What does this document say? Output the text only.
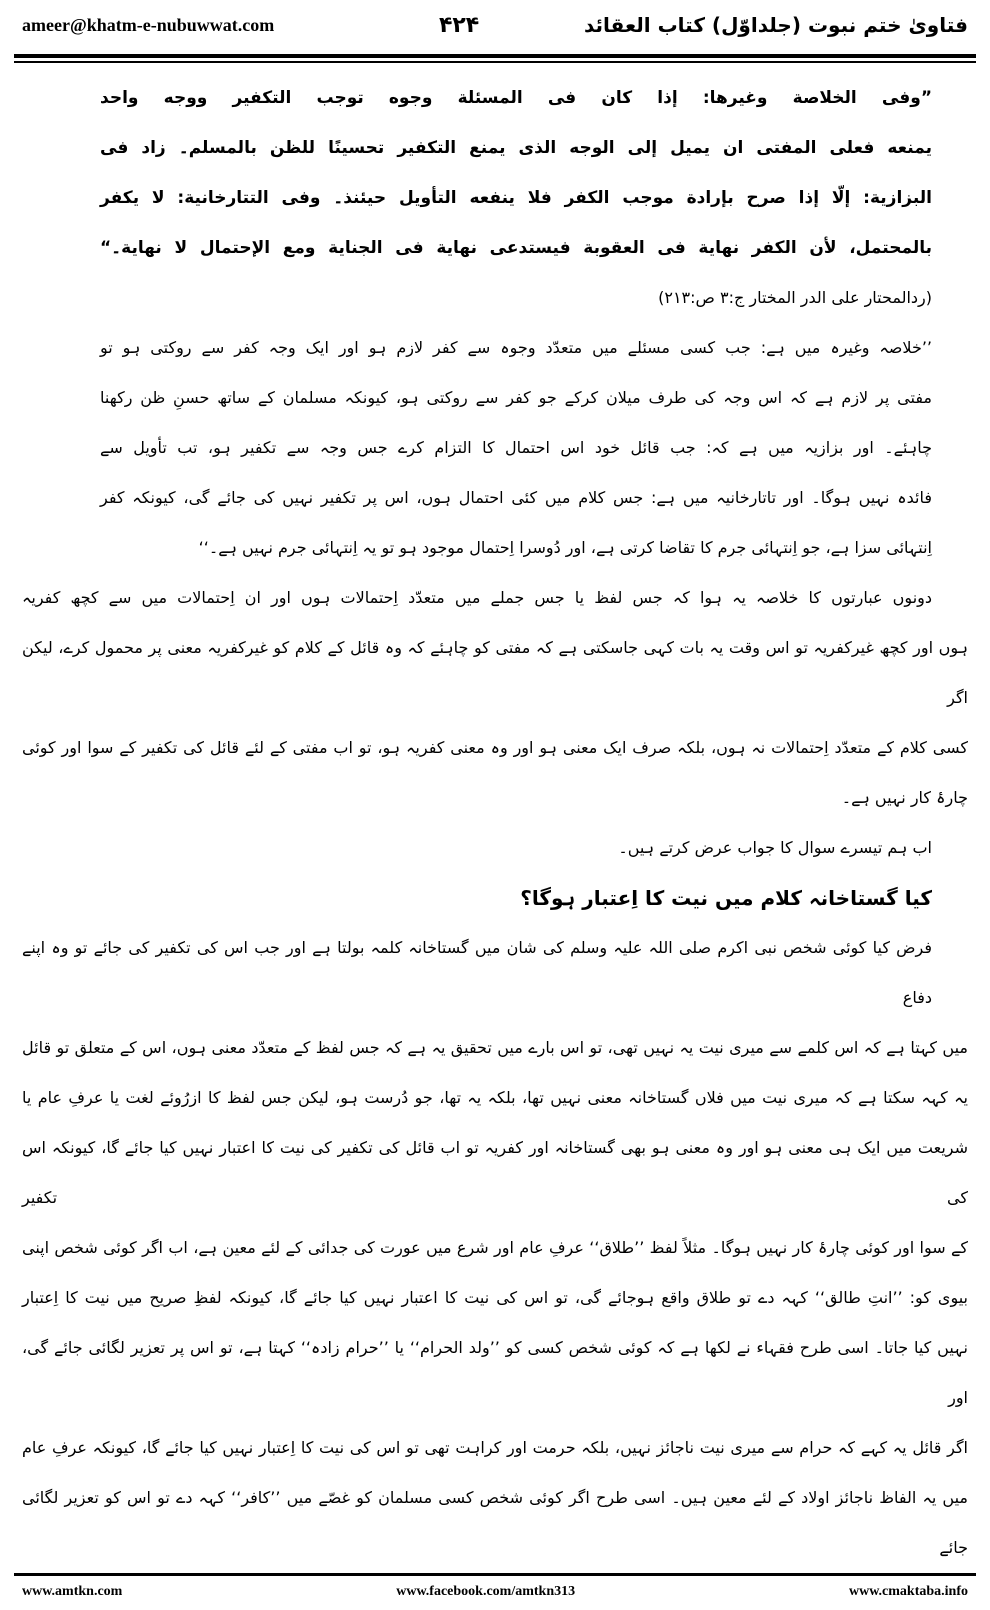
ameer@khatm-e-nubuwwat.com	۴۲۴	فتاویٰ ختم نبوت (جلداوّل) کتاب العقائد
”وفی الخلاصة وغیرها: إذا کان فی المسئلة وجوه توجب التکفیر ووجه واحد
یمنعه فعلی المفتی ان یمیل إلی الوجه الذی یمنع التکفیر تحسینًا للظن بالمسلم۔ زاد فی
البزازیة: إلّا إذا صرح بإرادة موجب الکفر فلا ینفعه التأویل حیئنذ۔ وفی التتارخانیة: لا یکفر
بالمحتمل، لأن الکفر نهایة فی العقوبة فیستدعی نهایة فی الجنایة ومع الإحتمال لا نهایة۔“
(ردالمحتار علی الدر المختار ج:۳ ص:۲۱۳)
’’خلاصہ وغیرہ میں ہے: جب کسی مسئلے میں متعدّد وجوہ سے کفر لازم ہو اور ایک وجہ کفر سے روکتی ہو تو
مفتی پر لازم ہے کہ اس وجہ کی طرف میلان کرکے جو کفر سے روکتی ہو، کیونکہ مسلمان کے ساتھ حسنِ ظن رکھنا
چاہئے۔ اور بزازیہ میں ہے کہ: جب قائل خود اس احتمال کا التزام کرے جس وجہ سے تکفیر ہو، تب تأویل سے
فائدہ نہیں ہوگا۔ اور تاتارخانیہ میں ہے: جس کلام میں کئی احتمال ہوں، اس پر تکفیر نہیں کی جائے گی، کیونکہ کفر
اِنتہائی سزا ہے، جو اِنتہائی جرم کا تقاضا کرتی ہے، اور دُوسرا اِحتمال موجود ہو تو یہ اِنتہائی جرم نہیں ہے۔‘‘
دونوں عبارتوں کا خلاصہ یہ ہوا کہ جس لفظ یا جس جملے میں متعدّد اِحتمالات ہوں اور ان اِحتمالات میں سے کچھ کفریہ
ہوں اور کچھ غیرکفریہ تو اس وقت یہ بات کہی جاسکتی ہے کہ مفتی کو چاہئے کہ وہ قائل کے کلام کو غیرکفریہ معنی پر محمول کرے، لیکن اگر
کسی کلام کے متعدّد اِحتمالات نہ ہوں، بلکہ صرف ایک معنی ہو اور وہ معنی کفریہ ہو، تو اب مفتی کے لئے قائل کی تکفیر کے سوا اور کوئی
چارۂ کار نہیں ہے۔
اب ہم تیسرے سوال کا جواب عرض کرتے ہیں۔
کیا گستاخانہ کلام میں نیت کا اِعتبار ہوگا؟
فرض کیا کوئی شخص نبی اکرم صلی اللہ علیہ وسلم کی شان میں گستاخانہ کلمہ بولتا ہے اور جب اس کی تکفیر کی جائے تو وہ اپنے دفاع
میں کہتا ہے کہ اس کلمے سے میری نیت یہ نہیں تھی، تو اس بارے میں تحقیق یہ ہے کہ جس لفظ کے متعدّد معنی ہوں، اس کے متعلق تو قائل
یہ کہہ سکتا ہے کہ میری نیت میں فلاں گستاخانہ معنی نہیں تھا، بلکہ یہ تھا، جو دُرست ہو، لیکن جس لفظ کا ازرُوئے لغت یا عرفِ عام یا
شریعت میں ایک ہی معنی ہو اور وہ معنی ہو بھی گستاخانہ اور کفریہ تو اب قائل کی تکفیر کی نیت کا اعتبار نہیں کیا جائے گا، کیونکہ اس کی تکفیر
کے سوا اور کوئی چارۂ کار نہیں ہوگا۔ مثلاً لفظ ’’طلاق‘‘ عرفِ عام اور شرع میں عورت کی جدائی کے لئے معین ہے، اب اگر کوئی شخص اپنی
بیوی کو: ’’انتِ طالق‘‘ کہہ دے تو طلاق واقع ہوجائے گی، تو اس کی نیت کا اعتبار نہیں کیا جائے گا، کیونکہ لفظِ صریح میں نیت کا اِعتبار
نہیں کیا جاتا۔ اسی طرح فقہاء نے لکھا ہے کہ کوئی شخص کسی کو ’’ولد الحرام‘‘ یا ’’حرام زادہ‘‘ کہتا ہے، تو اس پر تعزیر لگائی جائے گی، اور
اگر قائل یہ کہے کہ حرام سے میری نیت ناجائز نہیں، بلکہ حرمت اور کراہت تھی تو اس کی نیت کا اِعتبار نہیں کیا جائے گا، کیونکہ عرفِ عام
میں یہ الفاظ ناجائز اولاد کے لئے معین ہیں۔ اسی طرح اگر کوئی شخص کسی مسلمان کو غصّے میں ’’کافر‘‘ کہہ دے تو اس کو تعزیر لگائی جائے
www.amtkn.com	www.facebook.com/amtkn313	www.cmaktaba.info
